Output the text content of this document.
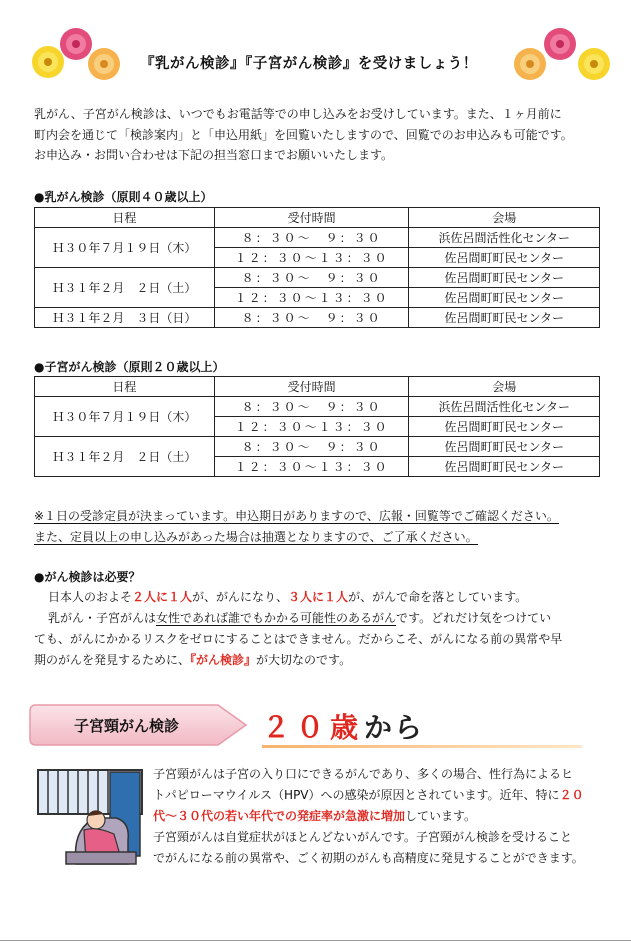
『乳がん検診』『子宮がん検診』を受けましょう！

乳がん、子宮がん検診は、いつでもお電話等での申し込みをお受けしています。また、１ヶ月前に

町内会を通じて「検診案内」と「申込用紙」を回覧いたしますので、回覧でのお申込みも可能です。

お申込み・お問い合わせは下記の担当窓口までお願いいたします。

●乳がん検診（原則４０歳以上）
日程	受付時間	会場
Ｈ３０年７月１９日（木）	８：３０～　９：３０	浜佐呂間活性化センター
	１２：３０～１３：３０	佐呂間町町民センター
Ｈ３１年２月　２日（土）	８：３０～　９：３０	佐呂間町町民センター
	１２：３０～１３：３０	佐呂間町町民センター
Ｈ３１年２月　３日（日）	８：３０～　９：３０	佐呂間町町民センター
●子宮がん検診（原則２０歳以上）
日程	受付時間	会場
Ｈ３０年７月１９日（木）	８：３０～　９：３０	浜佐呂間活性化センター
	１２：３０～１３：３０	佐呂間町町民センター
Ｈ３１年２月　２日（土）	８：３０～　９：３０	佐呂間町町民センター
	１２：３０～１３：３０	佐呂間町町民センター
※１日の受診定員が決まっています。申込期日がありますので、広報・回覧等でご確認ください。
また、定員以上の申し込みがあった場合は抽選となりますので、ご了承ください。
●がん検診は必要？

日本人のおよそ２人に１人が、がんになり、３人に１人が、がんで命を落としています。

乳がん・子宮がんは女性であれば誰でもかかる可能性のあるがんです。どれだけ気をつけてい

ても、がんにかかるリスクをゼロにすることはできません。だからこそ、がんになる前の異常や早

期のがんを発見するために、『がん検診』が大切なのです。

子宮頸がん検診	２０歳から

子宮頸がんは子宮の入り口にできるがんであり、多くの場合、性行為によるヒ

トパピローマウイルス（HPV）への感染が原因とされています。近年、特に２０

代～３０代の若い年代での発症率が急激に増加しています。

子宮頸がんは自覚症状がほとんどないがんです。子宮頸がん検診を受けること

でがんになる前の異常や、ごく初期のがんも高精度に発見することができます。
